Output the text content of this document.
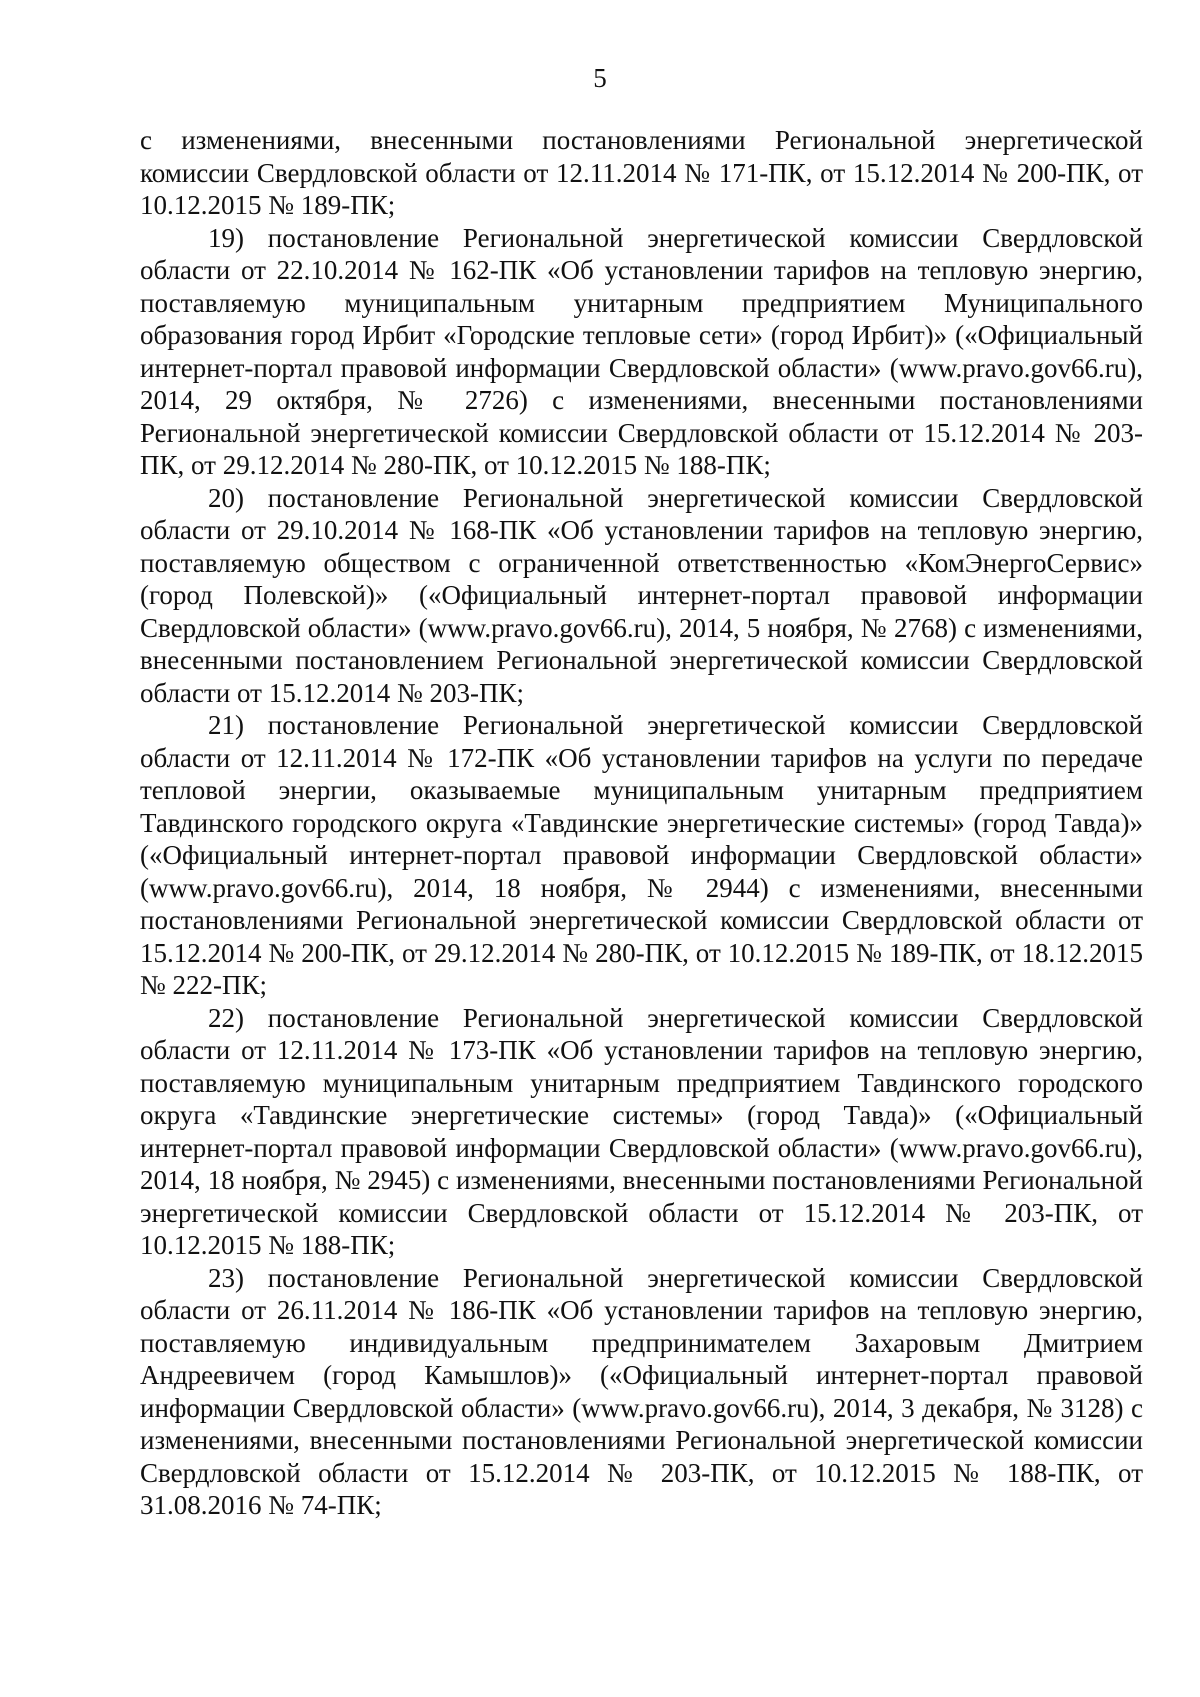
5

с изменениями, внесенными постановлениями Региональной энергетической комиссии Свердловской области от 12.11.2014 № 171-ПК, от 15.12.2014 № 200-ПК, от 10.12.2015 № 189-ПК;

19) постановление Региональной энергетической комиссии Свердловской области от 22.10.2014 № 162-ПК «Об установлении тарифов на тепловую энергию, поставляемую муниципальным унитарным предприятием Муниципального образования город Ирбит «Городские тепловые сети» (город Ирбит)» («Официальный интернет-портал правовой информации Свердловской области» (www.pravo.gov66.ru), 2014, 29 октября, № 2726) с изменениями, внесенными постановлениями Региональной энергетической комиссии Свердловской области от 15.12.2014 № 203-ПК, от 29.12.2014 № 280-ПК, от 10.12.2015 № 188-ПК;

20) постановление Региональной энергетической комиссии Свердловской области от 29.10.2014 № 168-ПК «Об установлении тарифов на тепловую энергию, поставляемую обществом с ограниченной ответственностью «КомЭнергоСервис» (город Полевской)» («Официальный интернет-портал правовой информации Свердловской области» (www.pravo.gov66.ru), 2014, 5 ноября, № 2768) с изменениями, внесенными постановлением Региональной энергетической комиссии Свердловской области от 15.12.2014 № 203-ПК;

21) постановление Региональной энергетической комиссии Свердловской области от 12.11.2014 № 172-ПК «Об установлении тарифов на услуги по передаче тепловой энергии, оказываемые муниципальным унитарным предприятием Тавдинского городского округа «Тавдинские энергетические системы» (город Тавда)» («Официальный интернет-портал правовой информации Свердловской области» (www.pravo.gov66.ru), 2014, 18 ноября, № 2944) с изменениями, внесенными постановлениями Региональной энергетической комиссии Свердловской области от 15.12.2014 № 200-ПК, от 29.12.2014 № 280-ПК, от 10.12.2015 № 189-ПК, от 18.12.2015 № 222-ПК;

22) постановление Региональной энергетической комиссии Свердловской области от 12.11.2014 № 173-ПК «Об установлении тарифов на тепловую энергию, поставляемую муниципальным унитарным предприятием Тавдинского городского округа «Тавдинские энергетические системы» (город Тавда)» («Официальный интернет-портал правовой информации Свердловской области» (www.pravo.gov66.ru), 2014, 18 ноября, № 2945) с изменениями, внесенными постановлениями Региональной энергетической комиссии Свердловской области от 15.12.2014 № 203-ПК, от 10.12.2015 № 188-ПК;

23) постановление Региональной энергетической комиссии Свердловской области от 26.11.2014 № 186-ПК «Об установлении тарифов на тепловую энергию, поставляемую индивидуальным предпринимателем Захаровым Дмитрием Андреевичем (город Камышлов)» («Официальный интернет-портал правовой информации Свердловской области» (www.pravo.gov66.ru), 2014, 3 декабря, № 3128) с изменениями, внесенными постановлениями Региональной энергетической комиссии Свердловской области от 15.12.2014 № 203-ПК, от 10.12.2015 № 188-ПК, от 31.08.2016 № 74-ПК;
